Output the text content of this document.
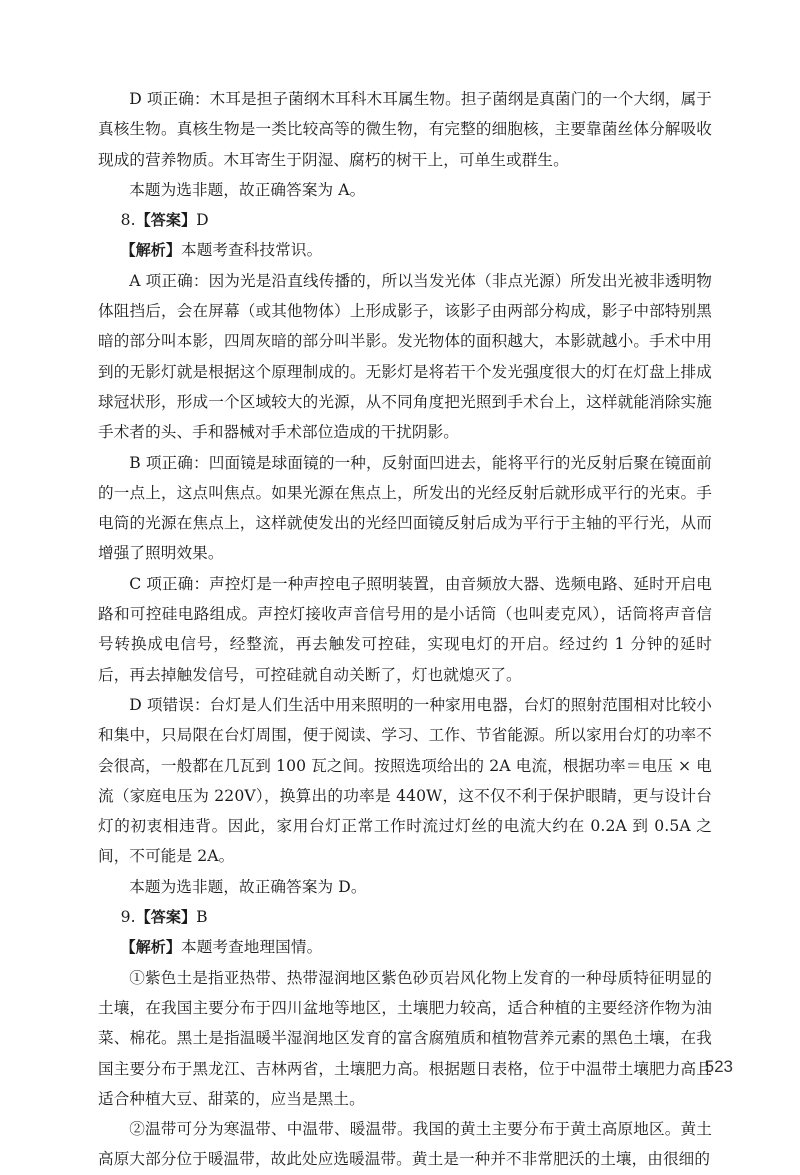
D 项正确：木耳是担子菌纲木耳科木耳属生物。担子菌纲是真菌门的一个大纲，属于真核生物。真核生物是一类比较高等的微生物，有完整的细胞核，主要靠菌丝体分解吸收现成的营养物质。木耳寄生于阴湿、腐朽的树干上，可单生或群生。

本题为选非题，故正确答案为 A。

8.【答案】D

【解析】本题考查科技常识。

A 项正确：因为光是沿直线传播的，所以当发光体（非点光源）所发出光被非透明物体阻挡后，会在屏幕（或其他物体）上形成影子，该影子由两部分构成，影子中部特别黑暗的部分叫本影，四周灰暗的部分叫半影。发光物体的面积越大，本影就越小。手术中用到的无影灯就是根据这个原理制成的。无影灯是将若干个发光强度很大的灯在灯盘上排成球冠状形，形成一个区域较大的光源，从不同角度把光照到手术台上，这样就能消除实施手术者的头、手和器械对手术部位造成的干扰阴影。

B 项正确：凹面镜是球面镜的一种，反射面凹进去，能将平行的光反射后聚在镜面前的一点上，这点叫焦点。如果光源在焦点上，所发出的光经反射后就形成平行的光束。手电筒的光源在焦点上，这样就使发出的光经凹面镜反射后成为平行于主轴的平行光，从而增强了照明效果。

C 项正确：声控灯是一种声控电子照明装置，由音频放大器、选频电路、延时开启电路和可控硅电路组成。声控灯接收声音信号用的是小话筒（也叫麦克风），话筒将声音信号转换成电信号，经整流，再去触发可控硅，实现电灯的开启。经过约 1 分钟的延时后，再去掉触发信号，可控硅就自动关断了，灯也就熄灭了。

D 项错误：台灯是人们生活中用来照明的一种家用电器，台灯的照射范围相对比较小和集中，只局限在台灯周围，便于阅读、学习、工作、节省能源。所以家用台灯的功率不会很高，一般都在几瓦到 100 瓦之间。按照选项给出的 2A 电流，根据功率＝电压 × 电流（家庭电压为 220V），换算出的功率是 440W，这不仅不利于保护眼睛，更与设计台灯的初衷相违背。因此，家用台灯正常工作时流过灯丝的电流大约在 0.2A 到 0.5A 之间，不可能是 2A。

本题为选非题，故正确答案为 D。

9.【答案】B

【解析】本题考查地理国情。

①紫色土是指亚热带、热带湿润地区紫色砂页岩风化物上发育的一种母质特征明显的土壤，在我国主要分布于四川盆地等地区，土壤肥力较高，适合种植的主要经济作物为油菜、棉花。黑土是指温暖半湿润地区发育的富含腐殖质和植物营养元素的黑色土壤，在我国主要分布于黑龙江、吉林两省，土壤肥力高。根据题日表格，位于中温带土壤肥力高且适合种植大豆、甜菜的，应当是黑土。

②温带可分为寒温带、中温带、暖温带。我国的黄土主要分布于黄土高原地区。黄土高原大部分位于暖温带，故此处应选暖温带。黄土是一种并不非常肥沃的土壤，由很细的

523
